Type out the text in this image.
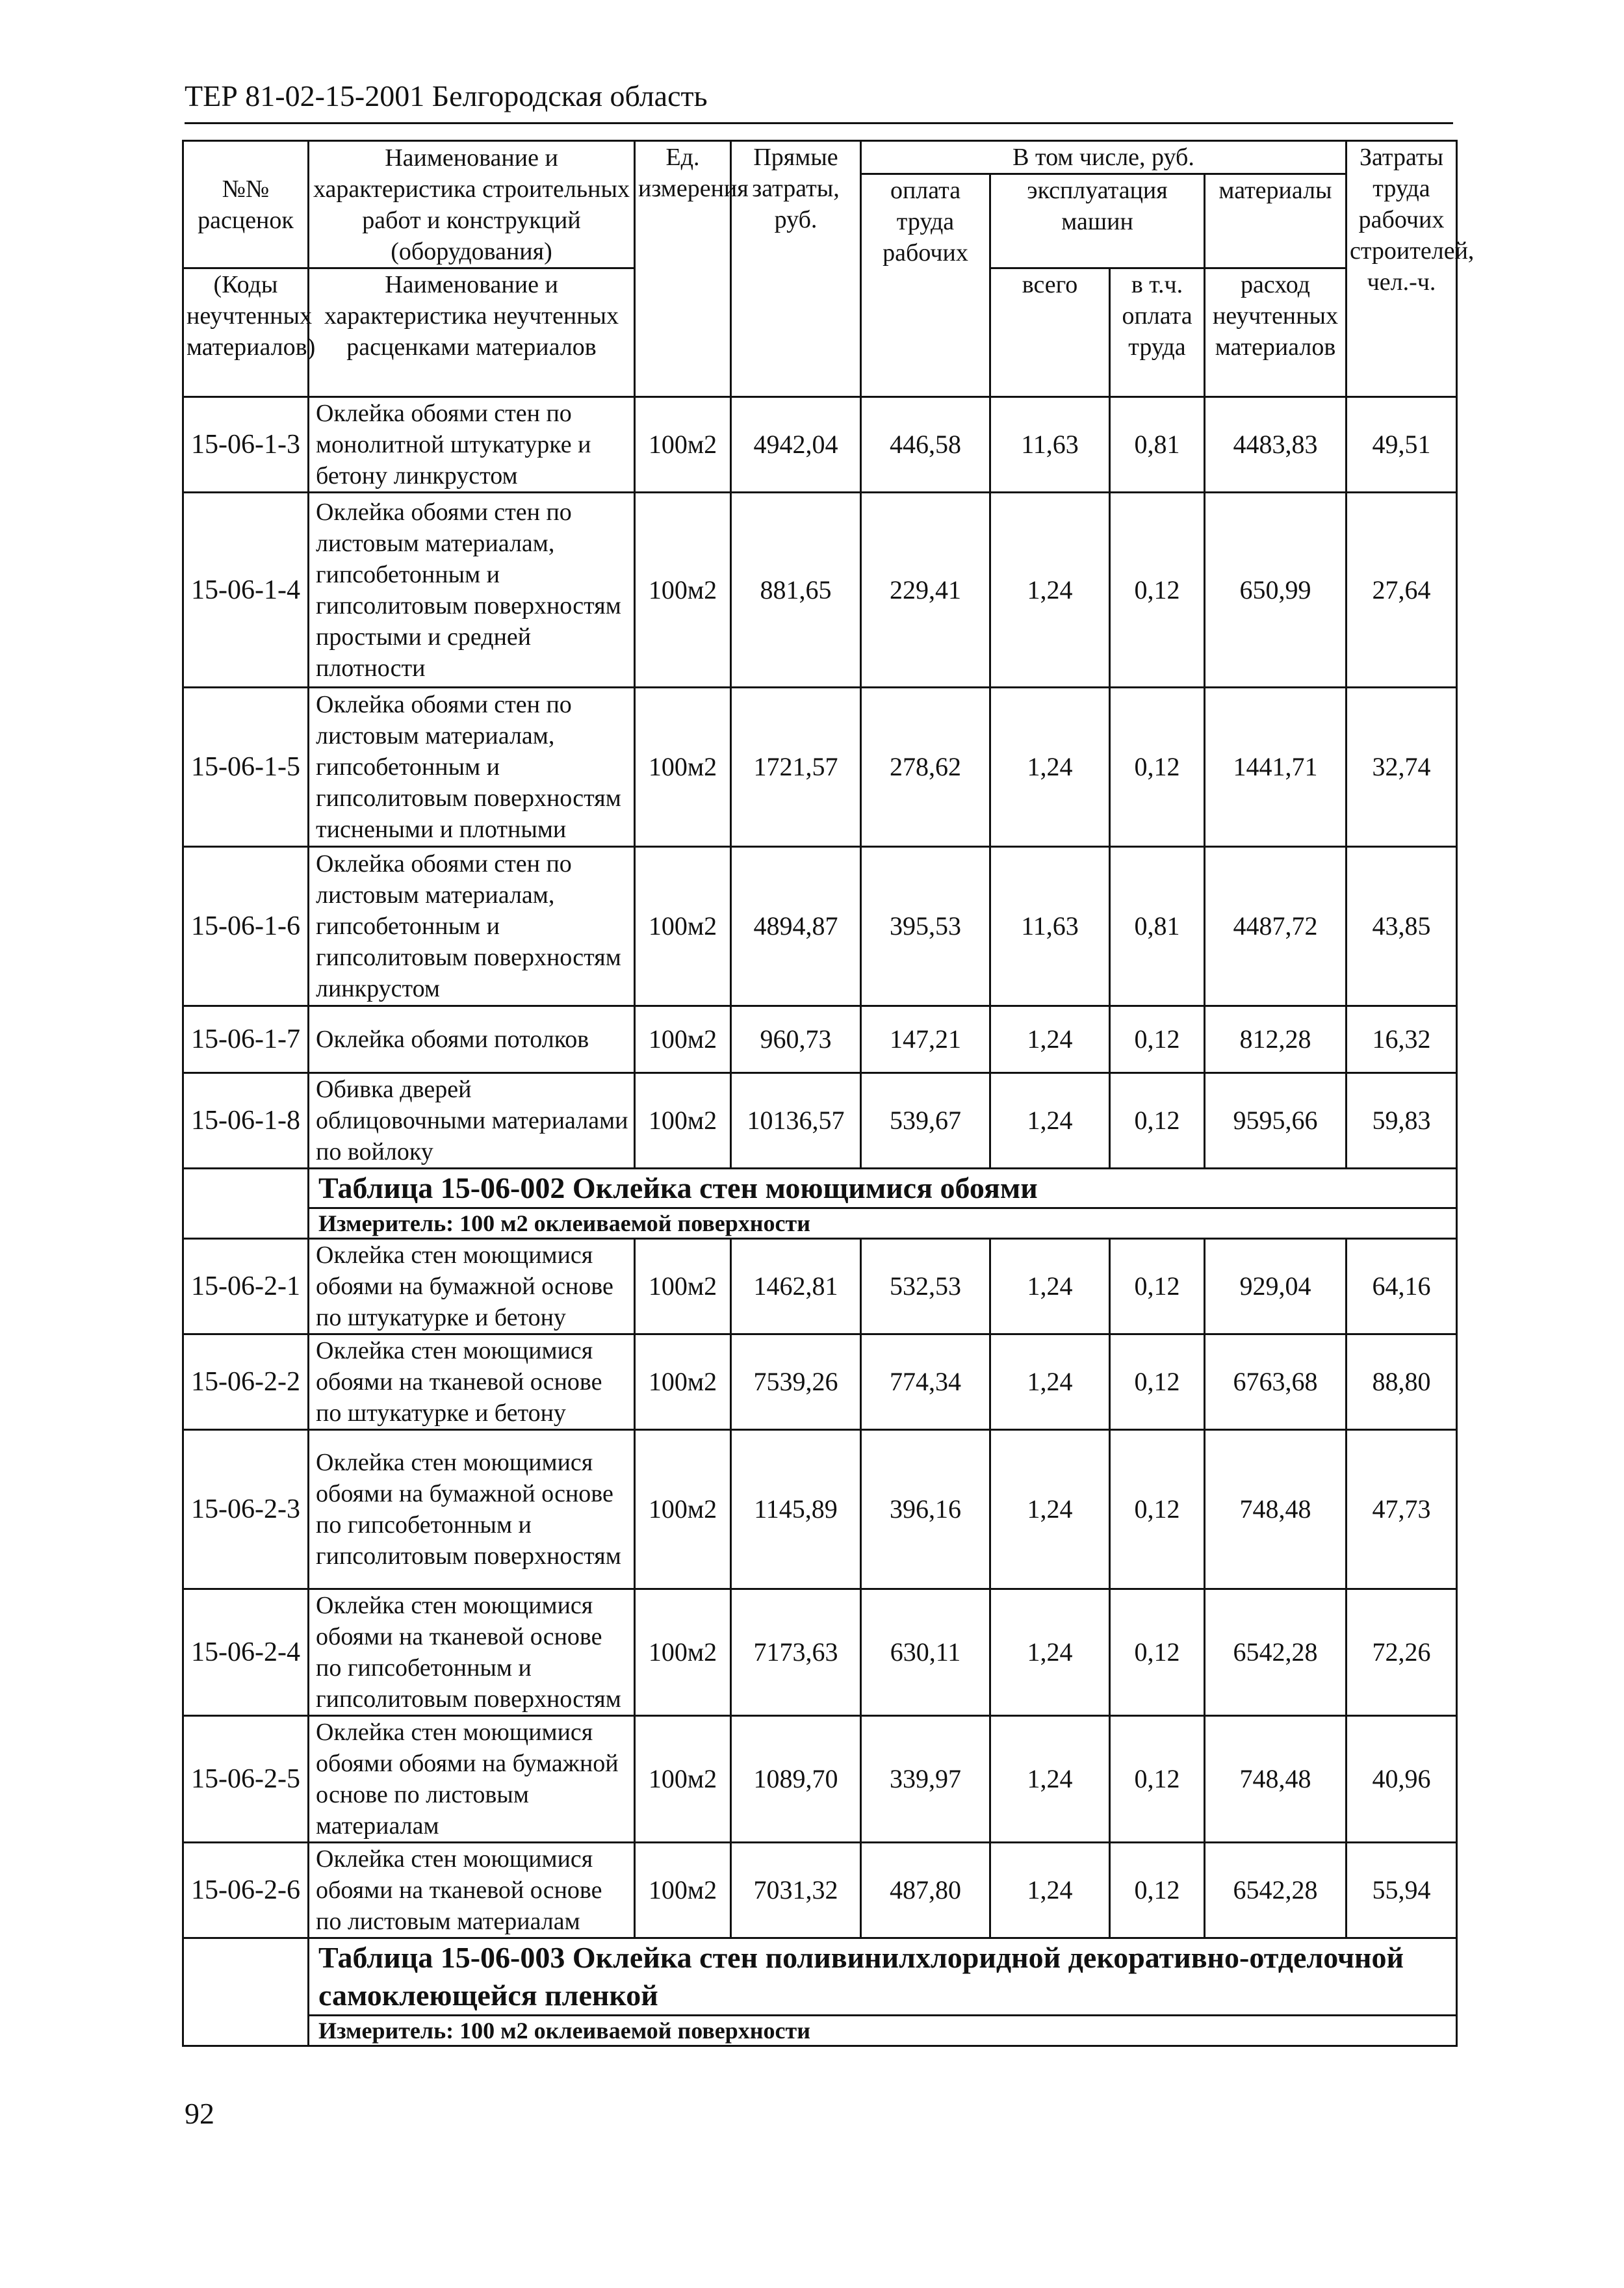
ТЕР 81-02-15-2001 Белгородская область
№№ расценок	Наименование и характеристика строительных работ и конструкций (оборудования)	Ед. измерения	Прямые затраты, руб.	В том числе, руб.				Затраты труда рабочих строителей, чел.-ч.
				оплата труда рабочих	эксплуатация машин		материалы	

(Коды неучтенных материалов)	Наименование и характеристика неучтенных расценками материалов				всего	в т.ч. оплата труда	расход неучтенных материалов	

15-06-1-3	Оклейка обоями стен по монолитной штукатурке и бетону линкрустом	100м2	4942,04	446,58	11,63	0,81	4483,83	49,51
15-06-1-4	Оклейка обоями стен по листовым материалам, гипсобетонным и гипсолитовым поверхностям простыми и средней плотности	100м2	881,65	229,41	1,24	0,12	650,99	27,64
15-06-1-5	Оклейка обоями стен по листовым материалам, гипсобетонным и гипсолитовым поверхностям тиснеными и плотными	100м2	1721,57	278,62	1,24	0,12	1441,71	32,74
15-06-1-6	Оклейка обоями стен по листовым материалам, гипсобетонным и гипсолитовым поверхностям линкрустом	100м2	4894,87	395,53	11,63	0,81	4487,72	43,85
15-06-1-7	Оклейка обоями потолков	100м2	960,73	147,21	1,24	0,12	812,28	16,32
15-06-1-8	Обивка дверей облицовочными материалами по войлоку	100м2	10136,57	539,67	1,24	0,12	9595,66	59,83
	Таблица 15-06-002 Оклейка стен моющимися обоями							
	Измеритель: 100 м2 оклеиваемой поверхности							
15-06-2-1	Оклейка стен моющимися обоями на бумажной основе по штукатурке и бетону	100м2	1462,81	532,53	1,24	0,12	929,04	64,16
15-06-2-2	Оклейка стен моющимися обоями на тканевой основе по штукатурке и бетону	100м2	7539,26	774,34	1,24	0,12	6763,68	88,80
15-06-2-3	Оклейка стен моющимися обоями на бумажной основе по гипсобетонным и гипсолитовым поверхностям	100м2	1145,89	396,16	1,24	0,12	748,48	47,73
15-06-2-4	Оклейка стен моющимися обоями на тканевой основе по гипсобетонным и гипсолитовым поверхностям	100м2	7173,63	630,11	1,24	0,12	6542,28	72,26
15-06-2-5	Оклейка стен моющимися обоями обоями на бумажной основе по листовым материалам	100м2	1089,70	339,97	1,24	0,12	748,48	40,96
15-06-2-6	Оклейка стен моющимися обоями на тканевой основе по листовым материалам	100м2	7031,32	487,80	1,24	0,12	6542,28	55,94
	Таблица 15-06-003 Оклейка стен поливинилхлоридной декоративно-отделочной самоклеющейся пленкой							
	Измеритель: 100 м2 оклеиваемой поверхности							
92
